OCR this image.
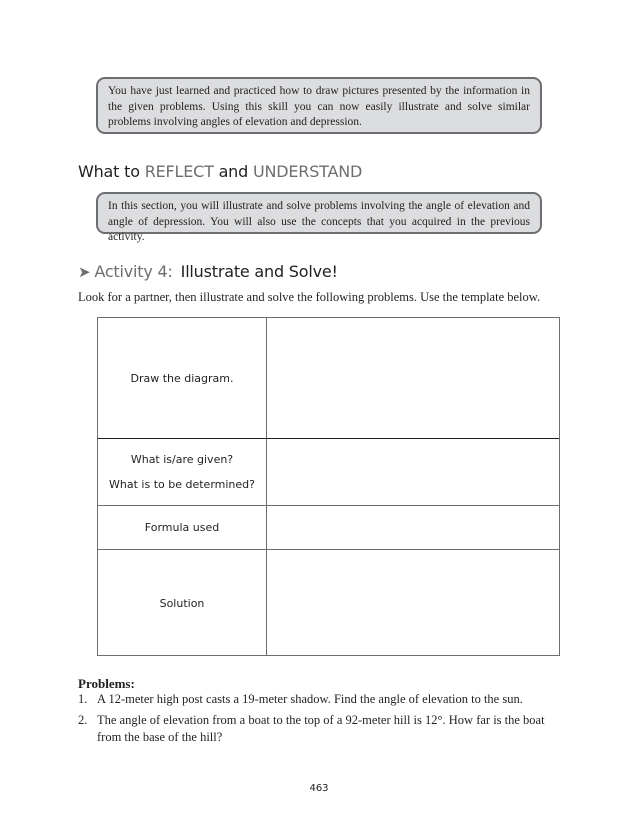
You have just learned and practiced how to draw pictures presented by the information in the given problems. Using this skill you can now easily illustrate and solve similar problems involving angles of elevation and depression.

What to REFLECT and UNDERSTAND

In this section, you will illustrate and solve problems involving the angle of elevation and angle of depression. You will also use the concepts that you acquired in the previous activity.

➤ Activity 4: Illustrate and Solve!
Look for a partner, then illustrate and solve the following problems. Use the template below.
Draw the diagram.
What is/are given?
What is to be determined?
Formula used
Solution
Problems:
1. A 12-meter high post casts a 19-meter shadow. Find the angle of elevation to the sun.
2. The angle of elevation from a boat to the top of a 92-meter hill is 12°. How far is the boat from the base of the hill?
463
